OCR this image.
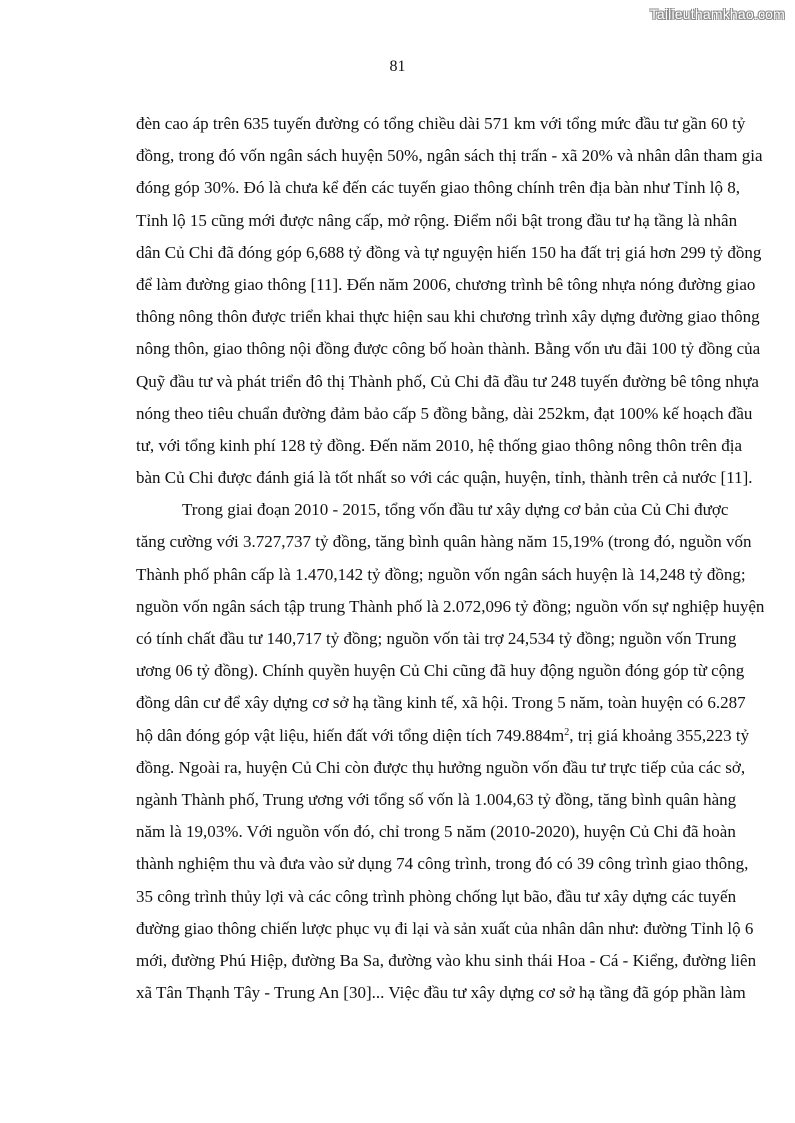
Tailieuthamkhao.com
81
đèn cao áp trên 635 tuyến đường có tổng chiều dài 571 km với tổng mức đầu tư gần 60 tỷ
đồng, trong đó vốn ngân sách huyện 50%, ngân sách thị trấn - xã 20% và nhân dân tham gia
đóng góp 30%. Đó là chưa kể đến các tuyến giao thông chính trên địa bàn như Tỉnh lộ 8,
Tỉnh lộ 15 cũng mới được nâng cấp, mở rộng. Điểm nổi bật trong đầu tư hạ tầng là nhân
dân Củ Chi đã đóng góp 6,688 tỷ đồng và tự nguyện hiến 150 ha đất trị giá hơn 299 tỷ đồng
để làm đường giao thông [11]. Đến năm 2006, chương trình bê tông nhựa nóng đường giao
thông nông thôn được triển khai thực hiện sau khi chương trình xây dựng đường giao thông
nông thôn, giao thông nội đồng được công bố hoàn thành. Bằng vốn ưu đãi 100 tỷ đồng của
Quỹ đầu tư và phát triển đô thị Thành phố, Củ Chi đã đầu tư 248 tuyến đường bê tông nhựa
nóng theo tiêu chuẩn đường đảm bảo cấp 5 đồng bằng, dài 252km, đạt 100% kế hoạch đầu
tư, với tổng kinh phí 128 tỷ đồng. Đến năm 2010, hệ thống giao thông nông thôn trên địa
bàn Củ Chi được đánh giá là tốt nhất so với các quận, huyện, tỉnh, thành trên cả nước [11].
Trong giai đoạn 2010 - 2015, tổng vốn đầu tư xây dựng cơ bản của Củ Chi được
tăng cường với 3.727,737 tỷ đồng, tăng bình quân hàng năm 15,19% (trong đó, nguồn vốn
Thành phố phân cấp là 1.470,142 tỷ đồng; nguồn vốn ngân sách huyện là 14,248 tỷ đồng;
nguồn vốn ngân sách tập trung Thành phố là 2.072,096 tỷ đồng; nguồn vốn sự nghiệp huyện
có tính chất đầu tư 140,717 tỷ đồng; nguồn vốn tài trợ 24,534 tỷ đồng; nguồn vốn Trung
ương 06 tỷ đồng). Chính quyền huyện Củ Chi cũng đã huy động nguồn đóng góp từ cộng
đồng dân cư để xây dựng cơ sở hạ tầng kinh tế, xã hội. Trong 5 năm, toàn huyện có 6.287
hộ dân đóng góp vật liệu, hiến đất với tổng diện tích $749.884m^2$, trị giá khoảng 355,223 tỷ
đồng. Ngoài ra, huyện Củ Chi còn được thụ hưởng nguồn vốn đầu tư trực tiếp của các sở,
ngành Thành phố, Trung ương với tổng số vốn là 1.004,63 tỷ đồng, tăng bình quân hàng
năm là 19,03%. Với nguồn vốn đó, chỉ trong 5 năm (2010-2020), huyện Củ Chi đã hoàn
thành nghiệm thu và đưa vào sử dụng 74 công trình, trong đó có 39 công trình giao thông,
35 công trình thủy lợi và các công trình phòng chống lụt bão, đầu tư xây dựng các tuyến
đường giao thông chiến lược phục vụ đi lại và sản xuất của nhân dân như: đường Tỉnh lộ 6
mới, đường Phú Hiệp, đường Ba Sa, đường vào khu sinh thái Hoa - Cá - Kiểng, đường liên
xã Tân Thạnh Tây - Trung An [30]... Việc đầu tư xây dựng cơ sở hạ tầng đã góp phần làm
